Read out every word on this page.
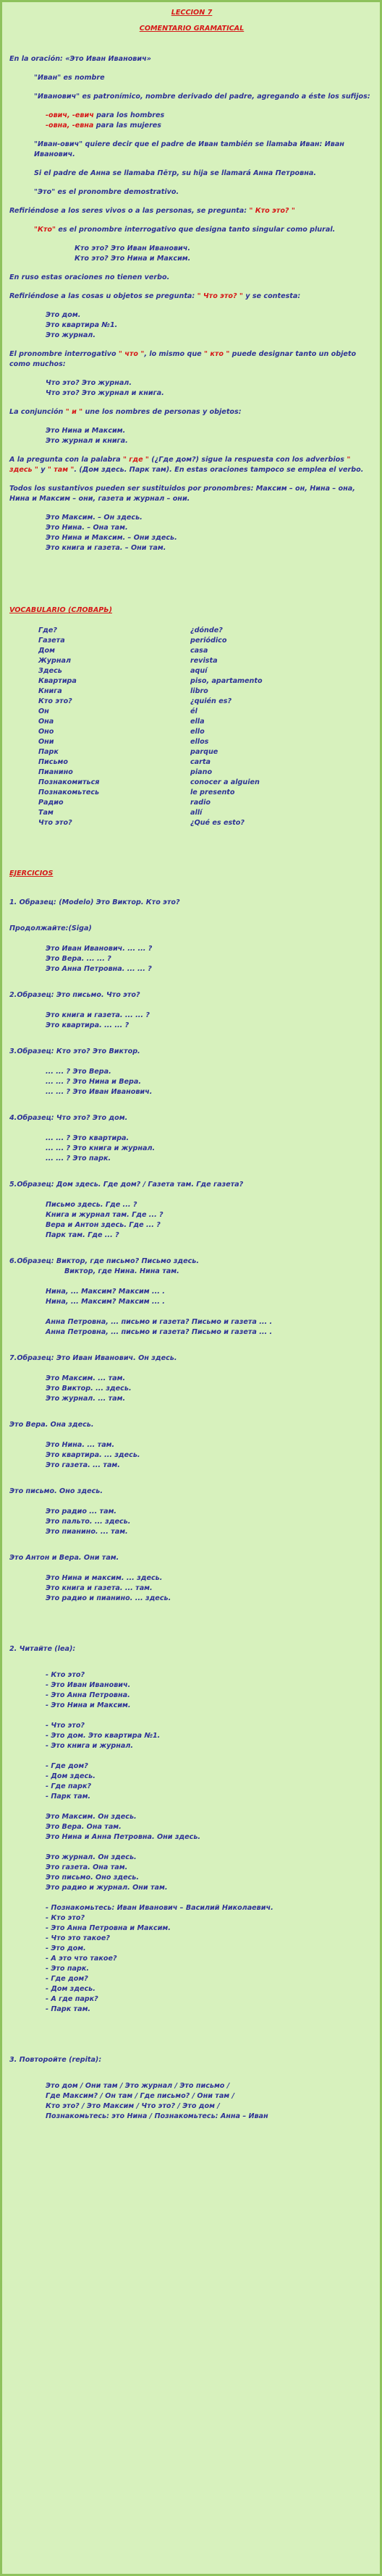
LECCION 7

COMENTARIO GRAMATICAL

En la oración: «Это Иван Иванович»

"Иван" es nombre

"Иванович" es patronímico, nombre derivado del padre, agregando a éste los sufijos:

-ович, -евич para los hombres

-овна, -евна para las mujeres

"Иван-ович" quiere decir que el padre de Иван también se llamaba Иван: Иван Иванович.

Si el padre de Анна se llamaba Пётр, su hija se llamará Анна Петровна.

"Это" es el pronombre demostrativo.

Refiriéndose a los seres vivos o a las personas, se pregunta: " Кто это? "

"Кто" es el pronombre interrogativo que designa tanto singular como plural.

Кто это? Это Иван Иванович.

Кто это? Это Нина и Максим.

En ruso estas oraciones no tienen verbo.

Refiriéndose a las cosas u objetos se pregunta: " Что это? " y se contesta:

Это дом.

Это квартира №1.

Это журнал.

El pronombre interrogativo " что ", lo mismo que " кто " puede designar tanto un objeto como muchos:

Что это? Это журнал.

Что это? Это журнал и книга.

La conjunción " и " une los nombres de personas y objetos:

Это Нина и Максим.

Это журнал и книга.

A la pregunta con la palabra " где " (¿Где дом?) sigue la respuesta con los adverbios " здесь " y " там ". (Дом здесь. Парк там). En estas oraciones tampoco se emplea el verbo.

Todos los sustantivos pueden ser sustituidos por pronombres: Максим – он, Нина – она, Нина и Максим – они, газета и журнал – они.

Это Максим. – Он здесь.

Это Нина. – Она там.

Это Нина и Максим. – Они здесь.

Это книга и газета. – Они там.

VOCABULARIO (СЛОВАРЬ)

Где?	¿dónde?
Газета	periódico
Дом	casa
Журнал	revista
Здесь	aquí
Квартира	piso, apartamento
Книга	libro
Кто это?	¿quién es?
Он	él
Она	ella
Оно	ello
Они	ellos
Парк	parque
Письмо	carta
Пианино	piano
Познакомиться	conocer a alguien
Познакомьтесь	le presento
Радио	radio
Там	allí
Что это?	¿Qué es esto?

EJERCICIOS

1. Образец: (Modelo) Это Виктор. Кто это?

Продолжайте:(Siga)

Это Иван Иванович. ... ... ?

Это Вера. ... ... ?

Это Анна Петровна. ... ... ?

2.Образец: Это письмо. Что это?

Это книга и газета. ... ... ?

Это квартира. ... ... ?

3.Образец: Кто это? Это Виктор.

... ... ? Это Вера.

... ... ? Это Нина и Вера.

... ... ? Это Иван Иванович.

4.Образец: Что это? Это дом.

... ... ? Это квартира.

... ... ? Это книга и журнал.

... ... ? Это парк.

5.Образец: Дом здесь. Где дом? / Газета там. Где газета?

Письмо здесь. Где ... ?

Книга и журнал там. Где ... ?

Вера и Антон здесь. Где ... ?

Парк там. Где ... ?

6.Образец: Виктор, где письмо? Письмо здесь.

Виктор, где Нина. Нина там.

Нина, ... Максим? Максим ... .

Нина, ... Максим? Максим ... .

Анна Петровна, ... письмо и газета? Письмо и газета ... .

Анна Петровна, ... письмо и газета? Письмо и газета ... .

7.Образец: Это Иван Иванович. Он здесь.

Это Максим. ... там.

Это Виктор. ... здесь.

Это журнал. ... там.

Это Вера. Она здесь.

Это Нина. ... там.

Это квартира. ... здесь.

Это газета. ... там.

Это письмо. Оно здесь.

Это радио ... там.

Это пальто. ... здесь.

Это пианино. ... там.

Это Антон и Вера. Они там.

Это Нина и максим. ... здесь.

Это книга и газета. ... там.

Это радио и пианино. ... здесь.

2. Читайте (lea):

- Кто это?

- Это Иван Иванович.

- Это Анна Петровна.

- Это Нина и Максим.

- Что это?

- Это дом. Это квартира №1.

- Это книга и журнал.

- Где дом?

- Дом здесь.

- Где парк?

- Парк там.

Это Максим. Он здесь.

Это Вера. Она там.

Это Нина и Анна Петровна. Они здесь.

Это журнал. Он здесь.

Это газета. Она там.

Это письмо. Оно здесь.

Это радио и журнал. Они там.

- Познакомьтесь: Иван Иванович – Василий Николаевич.

- Кто это?

- Это Анна Петровна и Максим.

- Что это такое?

- Это дом.

- А это что такое?

- Это парк.

- Где дом?

- Дом здесь.

- А где парк?

- Парк там.

3. Повторойте (repita):

Это дом / Они там / Это журнал / Это письмо /

Где Максим? / Он там / Где письмо? / Они там /

Кто это? / Это Максим / Что это? / Это дом /

Познакомьтесь: это Нина / Познакомьтесь: Анна – Иван
